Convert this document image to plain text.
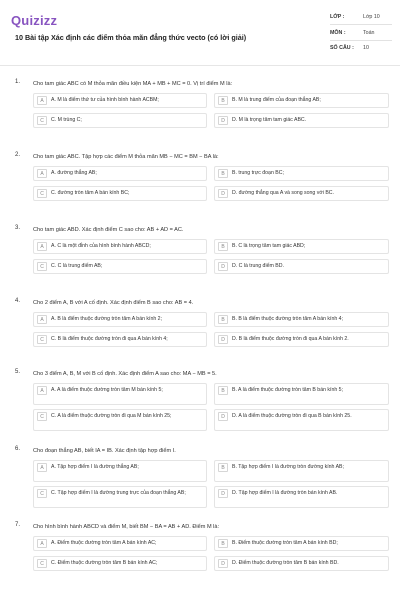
Quizizz
10 Bài tập Xác định các điểm thỏa mãn đẳng thức vecto (có lời giải)
LỚP :	Lớp 10
MÔN :	Toán
SỐ CÂU : 10
1. Cho tam giác ABC có M thỏa mãn điều kiện MA + MB + MC = 0. Vị trí điểm M là:
A	A. M là điểm thứ tư của hình bình hành ACBM;	B	B. M là trung điểm của đoạn thẳng AB;
C	C. M trùng C;	D	D. M là trọng tâm tam giác ABC.
2. Cho tam giác ABC. Tập hợp các điểm M thỏa mãn MB − MC = BM − BA là:
A	A. đường thẳng AB;	B	B. trung trực đoạn BC;
C	C. đường tròn tâm A bán kính BC;	D	D. đường thẳng qua A và song song với BC.
3. Cho tam giác ABD. Xác định điểm C sao cho: AB + AD = AC.
A	A. C là một đỉnh của hình bình hành ABCD;	B	B. C là trọng tâm tam giác ABD;
C	C. C là trung điểm AB;	D	D. C là trung điểm BD.
4. Cho 2 điểm A, B với A cố định. Xác định điểm B sao cho: AB = 4.
A	A. B là điểm thuộc đường tròn tâm A bán kính 2;	B	B. B là điểm thuộc đường tròn tâm A bán kính 4;
C	C. B là điểm thuộc đường tròn đi qua A bán kính 4;	D	D. B là điểm thuộc đường tròn đi qua A bán kính 2.
5. Cho 3 điểm A, B, M với B cố định. Xác định điểm A sao cho: MA − MB = 5.
A	A. A là điểm thuộc đường tròn tâm M bán kính 5;	B	B. A là điểm thuộc đường tròn tâm B bán kính 5;
C	C. A là điểm thuộc đường tròn đi qua M bán kính 25;	D	D. A là điểm thuộc đường tròn đi qua B bán kính 25.
6. Cho đoạn thẳng AB, biết IA = IB. Xác định tập hợp điểm I.
A	A. Tập hợp điểm I là đường thẳng AB;	B	B. Tập hợp điểm I là đường tròn đường kính AB;
C	C. Tập hợp điểm I là đường trung trực của đoạn thẳng AB;	D	D. Tập hợp điểm I là đường tròn bán kính AB.
7. Cho hình bình hành ABCD và điểm M, biết BM − BA = AB + AD. Điểm M là:
A	A. Điểm thuộc đường tròn tâm A bán kính AC;	B	B. Điểm thuộc đường tròn tâm A bán kính BD;
C	C. Điểm thuộc đường tròn tâm B bán kính AC;	D	D. Điểm thuộc đường tròn tâm B bán kính BD.
